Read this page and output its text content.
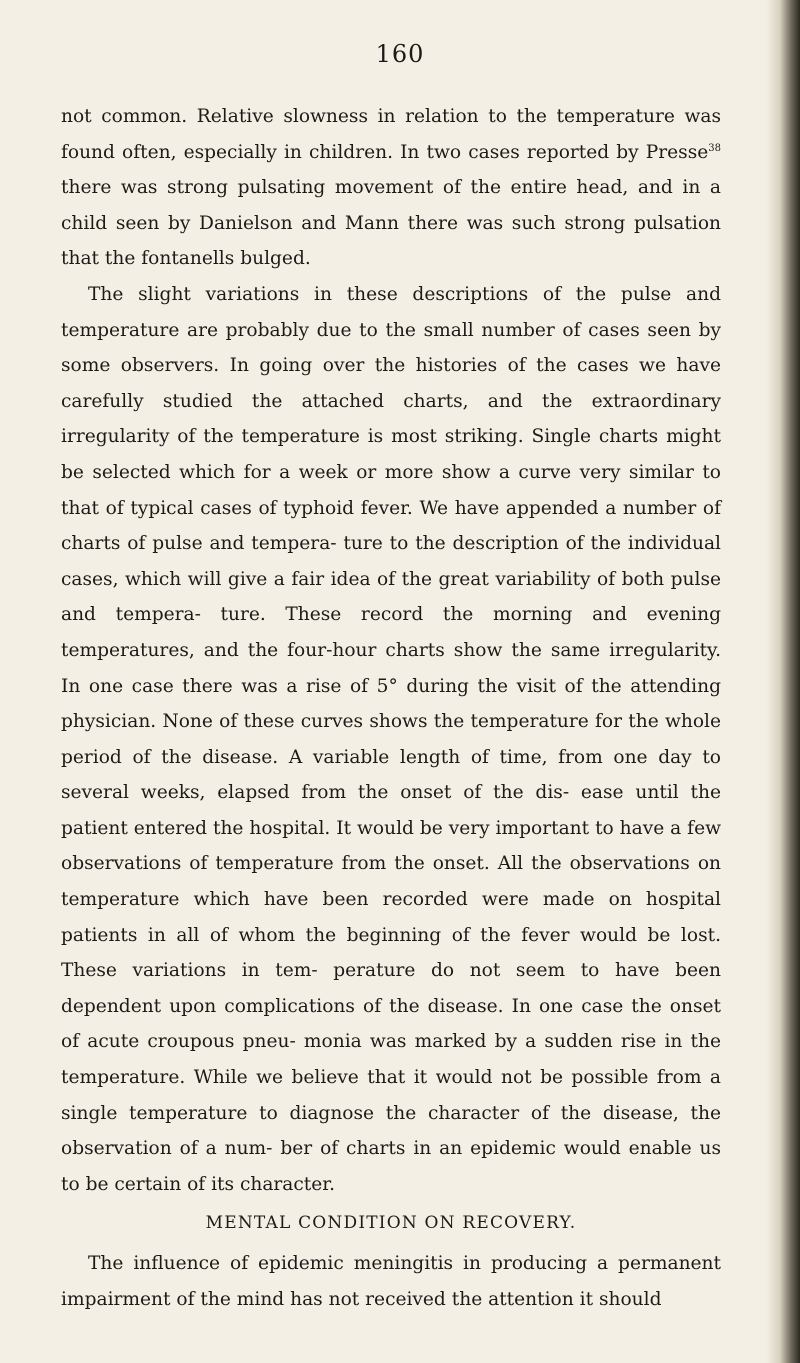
160

not common. Relative slowness in relation to the temperature was found often, especially in children. In two cases reported by Presse$^{38}$ there was strong pulsating movement of the entire head, and in a child seen by Danielson and Mann there was such strong pulsation that the fontanells bulged.

The slight variations in these descriptions of the pulse and temperature are probably due to the small number of cases seen by some observers. In going over the histories of the cases we have carefully studied the attached charts, and the extraordinary irregularity of the temperature is most striking. Single charts might be selected which for a week or more show a curve very similar to that of typical cases of typhoid fever. We have appended a number of charts of pulse and tempera- ture to the description of the individual cases, which will give a fair idea of the great variability of both pulse and tempera- ture. These record the morning and evening temperatures, and the four-hour charts show the same irregularity. In one case there was a rise of 5° during the visit of the attending physician. None of these curves shows the temperature for the whole period of the disease. A variable length of time, from one day to several weeks, elapsed from the onset of the dis- ease until the patient entered the hospital. It would be very important to have a few observations of temperature from the onset. All the observations on temperature which have been recorded were made on hospital patients in all of whom the beginning of the fever would be lost. These variations in tem- perature do not seem to have been dependent upon complications of the disease. In one case the onset of acute croupous pneu- monia was marked by a sudden rise in the temperature. While we believe that it would not be possible from a single temperature to diagnose the character of the disease, the observation of a num- ber of charts in an epidemic would enable us to be certain of its character.

MENTAL CONDITION ON RECOVERY.

The influence of epidemic meningitis in producing a permanent impairment of the mind has not received the attention it should
